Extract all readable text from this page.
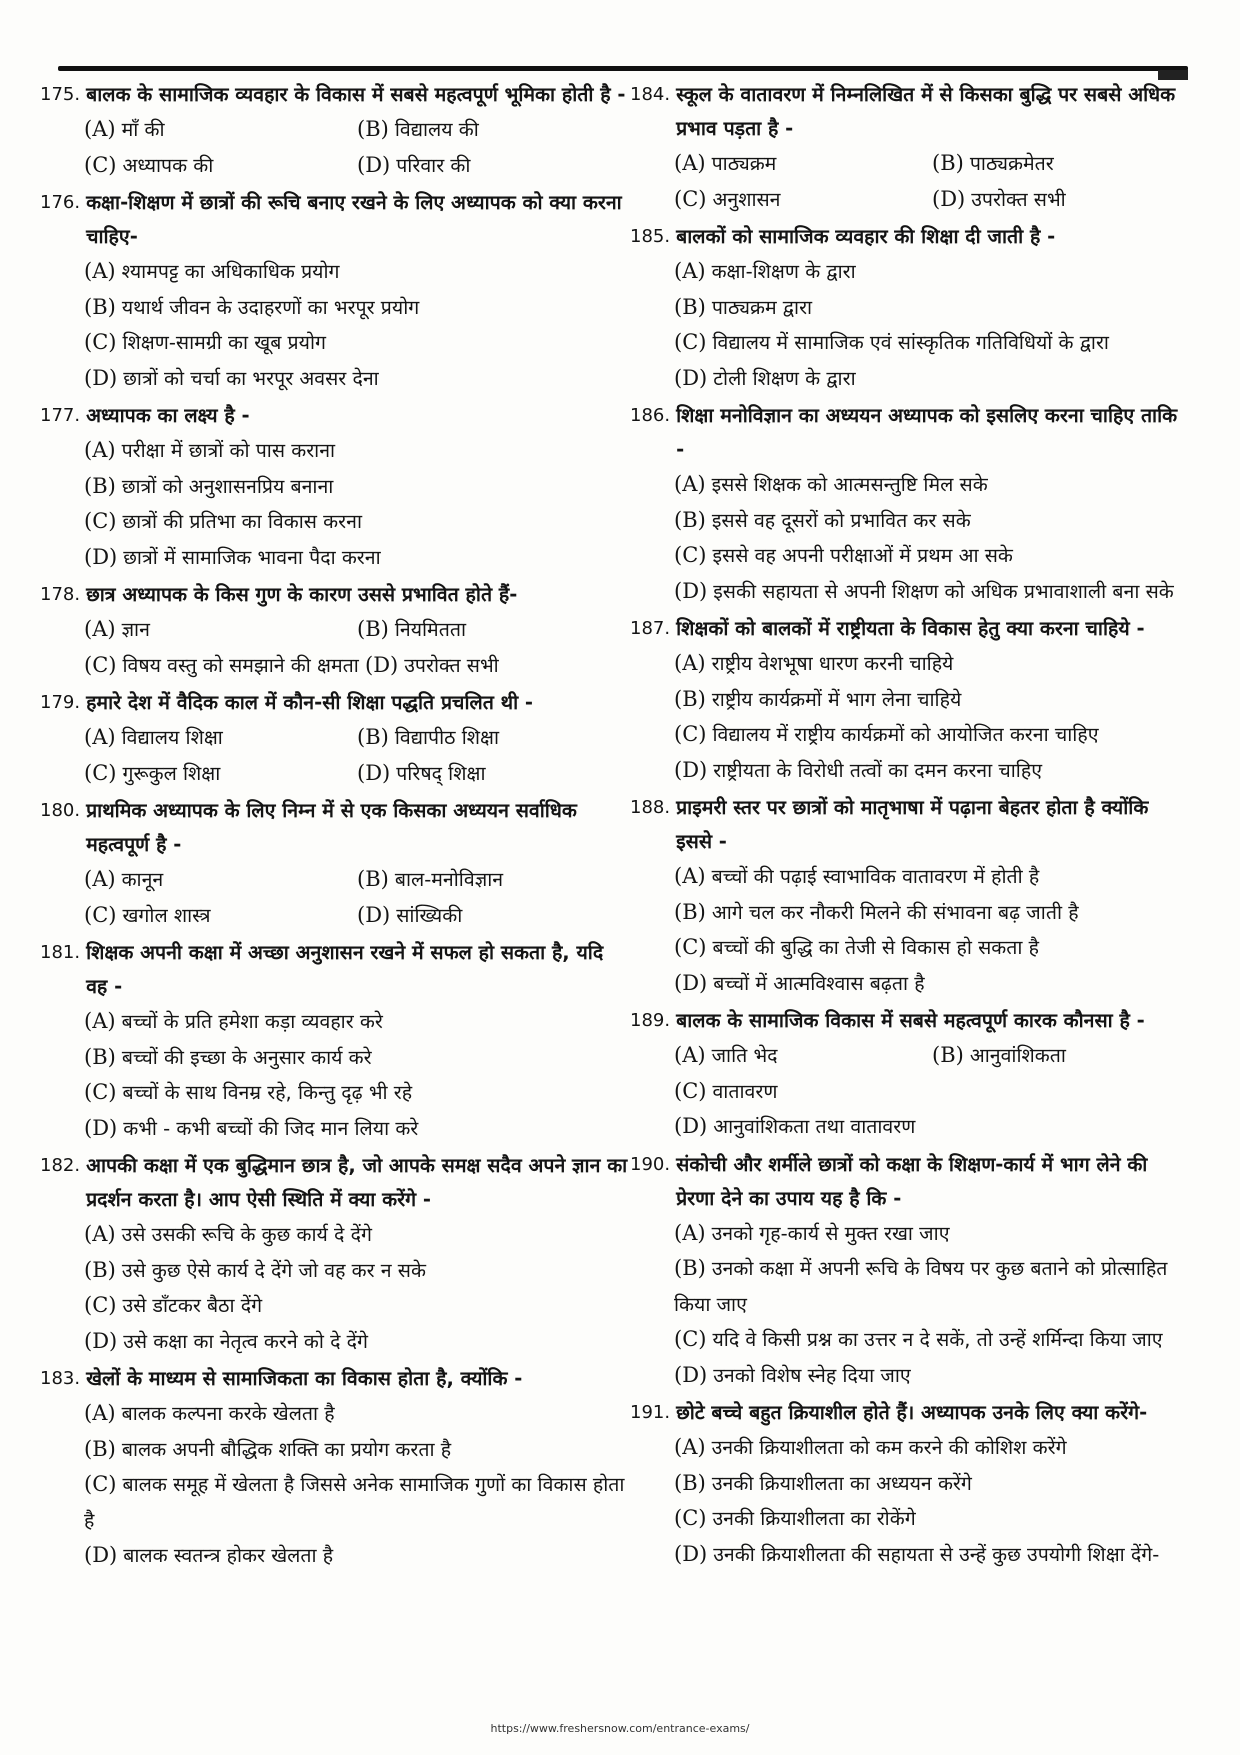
175. बालक के सामाजिक व्यवहार के विकास में सबसे महत्वपूर्ण भूमिका होती है -
(A) माँ की	(B) विद्यालय की
(C) अध्यापक की	(D) परिवार की
176. कक्षा-शिक्षण में छात्रों की रूचि बनाए रखने के लिए अध्यापक को क्या करना चाहिए-
(A) श्यामपट्ट का अधिकाधिक प्रयोग
(B) यथार्थ जीवन के उदाहरणों का भरपूर प्रयोग
(C) शिक्षण-सामग्री का खूब प्रयोग
(D) छात्रों को चर्चा का भरपूर अवसर देना
177. अध्यापक का लक्ष्य है -
(A) परीक्षा में छात्रों को पास कराना
(B) छात्रों को अनुशासनप्रिय बनाना
(C) छात्रों की प्रतिभा का विकास करना
(D) छात्रों में सामाजिक भावना पैदा करना
178. छात्र अध्यापक के किस गुण के कारण उससे प्रभावित होते हैं-
(A) ज्ञान	(B) नियमितता
(C) विषय वस्तु को समझाने की क्षमता (D) उपरोक्त सभी
179. हमारे देश में वैदिक काल में कौन-सी शिक्षा पद्धति प्रचलित थी -
(A) विद्यालय शिक्षा	(B) विद्यापीठ शिक्षा
(C) गुरूकुल शिक्षा	(D) परिषद् शिक्षा
180. प्राथमिक अध्यापक के लिए निम्न में से एक किसका अध्ययन सर्वाधिक महत्वपूर्ण है -
(A) कानून	(B) बाल-मनोविज्ञान
(C) खगोल शास्त्र	(D) सांख्यिकी
181. शिक्षक अपनी कक्षा में अच्छा अनुशासन रखने में सफल हो सकता है, यदि वह -
(A) बच्चों के प्रति हमेशा कड़ा व्यवहार करे
(B) बच्चों की इच्छा के अनुसार कार्य करे
(C) बच्चों के साथ विनम्र रहे, किन्तु दृढ़ भी रहे
(D) कभी - कभी बच्चों की जिद मान लिया करे
182. आपकी कक्षा में एक बुद्धिमान छात्र है, जो आपके समक्ष सदैव अपने ज्ञान का प्रदर्शन करता है। आप ऐसी स्थिति में क्या करेंगे -
(A) उसे उसकी रूचि के कुछ कार्य दे देंगे
(B) उसे कुछ ऐसे कार्य दे देंगे जो वह कर न सके
(C) उसे डाँटकर बैठा देंगे
(D) उसे कक्षा का नेतृत्व करने को दे देंगे
183. खेलों के माध्यम से सामाजिकता का विकास होता है, क्योंकि -
(A) बालक कल्पना करके खेलता है
(B) बालक अपनी बौद्धिक शक्ति का प्रयोग करता है
(C) बालक समूह में खेलता है जिससे अनेक सामाजिक गुणों का विकास होता है
(D) बालक स्वतन्त्र होकर खेलता है
184. स्कूल के वातावरण में निम्नलिखित में से किसका बुद्धि पर सबसे अधिक प्रभाव पड़ता है -
(A) पाठ्यक्रम	(B) पाठ्यक्रमेतर
(C) अनुशासन	(D) उपरोक्त सभी
185. बालकों को सामाजिक व्यवहार की शिक्षा दी जाती है -
(A) कक्षा-शिक्षण के द्वारा
(B) पाठ्यक्रम द्वारा
(C) विद्यालय में सामाजिक एवं सांस्कृतिक गतिविधियों के द्वारा
(D) टोली शिक्षण के द्वारा
186. शिक्षा मनोविज्ञान का अध्ययन अध्यापक को इसलिए करना चाहिए ताकि -
(A) इससे शिक्षक को आत्मसन्तुष्टि मिल सके
(B) इससे वह दूसरों को प्रभावित कर सके
(C) इससे वह अपनी परीक्षाओं में प्रथम आ सके
(D) इसकी सहायता से अपनी शिक्षण को अधिक प्रभावाशाली बना सके
187. शिक्षकों को बालकों में राष्ट्रीयता के विकास हेतु क्या करना चाहिये -
(A) राष्ट्रीय वेशभूषा धारण करनी चाहिये
(B) राष्ट्रीय कार्यक्रमों में भाग लेना चाहिये
(C) विद्यालय में राष्ट्रीय कार्यक्रमों को आयोजित करना चाहिए
(D) राष्ट्रीयता के विरोधी तत्वों का दमन करना चाहिए
188. प्राइमरी स्तर पर छात्रों को मातृभाषा में पढ़ाना बेहतर होता है क्योंकि इससे -
(A) बच्चों की पढ़ाई स्वाभाविक वातावरण में होती है
(B) आगे चल कर नौकरी मिलने की संभावना बढ़ जाती है
(C) बच्चों की बुद्धि का तेजी से विकास हो सकता है
(D) बच्चों में आत्मविश्वास बढ़ता है
189. बालक के सामाजिक विकास में सबसे महत्वपूर्ण कारक कौनसा है -
(A) जाति भेद	(B) आनुवांशिकता
(C) वातावरण
(D) आनुवांशिकता तथा वातावरण
190. संकोची और शर्मीले छात्रों को कक्षा के शिक्षण-कार्य में भाग लेने की प्रेरणा देने का उपाय यह है कि -
(A) उनको गृह-कार्य से मुक्त रखा जाए
(B) उनको कक्षा में अपनी रूचि के विषय पर कुछ बताने को प्रोत्साहित किया जाए
(C) यदि वे किसी प्रश्न का उत्तर न दे सकें, तो उन्हें शर्मिन्दा किया जाए
(D) उनको विशेष स्नेह दिया जाए
191. छोटे बच्चे बहुत क्रियाशील होते हैं। अध्यापक उनके लिए क्या करेंगे-
(A) उनकी क्रियाशीलता को कम करने की कोशिश करेंगे
(B) उनकी क्रियाशीलता का अध्ययन करेंगे
(C) उनकी क्रियाशीलता का रोकेंगे
(D) उनकी क्रियाशीलता की सहायता से उन्हें कुछ उपयोगी शिक्षा देंगे-
https://www.freshersnow.com/entrance-exams/
